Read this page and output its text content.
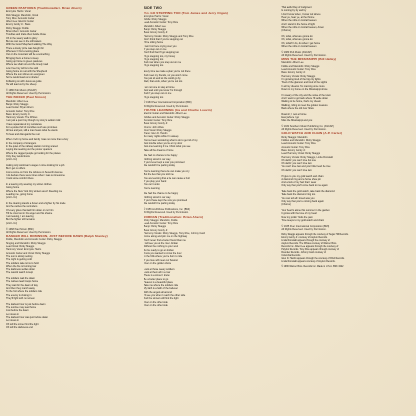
GREEN PASTURES (Traditional/arr. Brian Ahern)

Emmylou Harris: Vocal

Rick Skaggs: Mandolin, Vocal

Tony Rice: Acoustic Guitar

Albert Lee: Electric Guitar

Emory Gordy Jr.: Bass

Ricky Skaggs: Fiddle

Brian Ahern: Acoustic Guitar

Troubles and trials often betide those

Oh in the weary walk to glory

But we can see in the still waters

With the Good Shepherd walking The Way

There a lovely prize was bought for

Wherever I find a resting place

Out on the mountain will be a something

Bringing them a home to keep

Going up home to green pastures

Where we shall not end the lonely road

Low I feel my will is to be sold

Going home to rest with the Shepherd

Where the sun shines on evergreen

So he would lead us to shelter

Following on with Jesus as guide

He will lead us by the sheep

© 1980 Pub Music (ASCAP)

All Rights Reserved. Used by Permission.

THE BOXER (Paul Simon)

Mandolin: Albert Lee

Banjo: Ricky Skaggs

Lead Guitar: Bryan Ahern

Acoustic Guitar: Tony Rice

Bass: Emory Gordy Jr.

Harmony Vocals: The Whites

I am just a poor boy though my story's seldom told

I have squandered my resistance

For a pocket full of mumbles such are promises

All lies and jest, still a man hears what he wants

To hear and disregards the rest

When I left my home and family I was no more than a boy

In the company of strangers

In the quiet of the railway station running scared

Laying low seeking out the poorer quarters

Where the ragged people go looking for the places

Only they would know

(LILI LI LI)

Asking only workman's wages I come looking for a job

But I get no offers

Just a come-on from the whores on Seventh Avenue

I do declare there were times when I was so lonesome

I took some comfort there

In a leaving city wearing my winter clothes

Going home

Where the New York City winters aren't bleeding me

Leading me, going home

(LILI LI LI)

In the clearing stands a boxer and a fighter by his trade

And he carries the reminders

Of every glove that laid him down or cut him

Till he cried out in his anger and his shame

I am leaving, I am leaving

But the fighter still remains

(LILI LI LI)

© 1968 Paul Simon (BMI)

All Rights Reserved. Used by Permission.

DANGER WILL ROBINSON, JUST BEFORE DAWN (Ralph Stanley)

Fiddle, Mandolin and Acoustic Guitar: Ricky Skaggs

Singing and Mandolin: Ricky Skaggs

Lead Vocal: Ricky Skaggs

Harmony Vocal: Emmylou Harris

Acoustic Guitar and Vocal: Ricky Skaggs

The sun is slowly setting

The night is getting cold

The soldiers take turns to hold

When the fire is burning low

The darkness settles down

The careful watch is kept

The soldiers wait the dawn

The natives lead troops home

They wait for the dawn of day

And then they march away

To the fort where the soldiers ride

The enemy is closing in

They'll fight with no retreat

The darkest hour is just before dawn

The sunrise may lead home

Just before the dawn

Let Jesus in

The darkest hour was just before dawn

Let Jesus in

Oh will the sinner find the light

Oh will the darkness end

SIDE TWO

I'LL GO STEPPING TOO (Tom James and Jerry Organ)

Emmylou Harris: Vocal

Fiddle: Ricky Skaggs

Lead Acoustic Guitar: Tony Rice

Mandolin: Albert Lee

Banjo: Ricky Skaggs

Bass: Emory Gordy Jr.

Harmony Vocals: Ricky Skaggs and Tony Rice

Don't think that if you're stepping out

I'll be sitting home

I won't sit here crying over you

If you step out on me

You'll find that I'll go stepping too

I'll go stepping too, my honey

I'll go stepping too

And now when you step out on me

I'll go stepping too

Every time we make a plan you're not there

And meet my friends, no you won't come

You just sit and let the world go by

Well, that ends, when you're out too

I am not one to stay at home

Just wait until you know I'm through

And if you step out on me

I'll go stepping too

© 1963 Peer International Corporation (BMI)

All Rights Reserved. Used by Permission.

YOU'RE LEARNING (Ira and Charlie Louvin)

Electric Guitar and Mandolin: Albert Lee

Fiddles and Acoustic Guitar: Ricky Skaggs

Acoustic Guitar: Tony Rice

Bass: Emory Gordy Jr.

Drums: John Ware

Dust Vocal: Ricky Skaggs

Piano: Glen D. Hardin

So many nights while I'm asleep

You've been wondering what to do to get rid of my

Just trouble when you're at my door

Just one learning if me I think what you see

Take all the dreams of mine

We had no chance to be happy

Nothing stood in our way

If you'd ever kept a vow you promised

We wouldn't be parting today

You're learning that a lie can make you cry

But the lies that you told me

You are learning that a lie can cause a hurt

If you play your hand

You can't undo

You're learning

We had the chance to be happy

Nothing stood in our way

If you'd have kept the vow you promised

We wouldn't be parting today

© 1956 Acuff-Rose Publications, Inc. (BMI)

All Rights Reserved. Used by Permission.

JORDAN (Traditional/arr. Brian Ahern)

Ricky Skaggs: Mandolin, Fiddle

Lead Acoustic Guitar: Tony Rice

Banjo: Ricky Skaggs

Bass: Emory Gordy Jr.

Harmony Vocals: Ricky Skaggs, Tony Rice, Johnny Cash

Come along and join me on the highway

You'll never find a better friend than me

I will see you at the river Jordan

Without the nothing to your soul

So be ready to go at Jordan

Know you wanted to cross the river

In the hills where you're born to ride

If you love will meet our Saviour

Over on the golden shore

Look at those weary soldiers

Look at them all in a row

There is a sinner I know

Be a better place to go

Heaven is a beautiful place

Take me where the soldiers ride

My faith is a faith of the believer

With the angels all around

I'll see you when I reach the other side

And the sinners will find the light

Over on the other side

Over on the other side

That awful Day of Judgment

Is coming by by and by

I don't know when, I know not where

Hear ye, hear ye, at the throne

When the rolls on mortal heaven

And I stand in the home of light

When the rolls on mortal heaven, Amen

(Chorus)

Oh, what, what are gonna do

Oh, what, what are gonna do

Oh, what'll I do, do when I get home

When the rolls on mortal heaven

© 1980 Pub Music (ASCAP)

All Rights Reserved. Used by Permission.

MISS THE MISSISSIPPI (Bill Halley)

Mandolin: Albert Lee

Fiddle and Mandolin: Ricky Skaggs

Lead Acoustic Guitar: Tony Rice

Bass: Emory Gordy Jr.

Harmony Vocals: Ricky Skaggs

I'm growing tired of the big city lights

Tired of the glamour and tired of the sights

In all my dreams I'm roaming once more

Down in my home on the Mississippi shore

I'm weary of the city and the noise of the town

And I want to go back where I'll settle down

Waiting to be home, that's my dream

Walking, riding to meet the golden treasure

Back where the old river flows

Roamin', I rest at home

Everywhere I go

Miss the Mississippi and you

© 1932 Southern Music Publishing Co. (ASCAP)

All Rights Reserved. Used by Permission.

GOLD WATCH AND CHAIN (A.P. Carter)

Ricky Skaggs: Mandolin

Fiddles and Mandolin: Ricky Skaggs

Lead Acoustic Guitar: Tony Rice

Acoustic Guitar: Tony Rice

Bass: Emory Gordy Jr.

Lead Harmony Vocal: Ricky Skaggs

Harmony Vocals: Ricky Skaggs, Linda Ronstadt

Oh darlin' you can't love but one

Oh darlin' you can't love two

You can't love two and your little heart be true

Oh darlin' you can't love two

I'll give to you my gold watch and chain

A diamond ring and a horse shoe pin

And a lock of my hair that I wear

Only say that you'll come back to me again

Take back the gold watch, take back the diamond

Take back the diamond ring too

You can tell all I loved was you

Only say that you're coming back again

(Chorus)

Your heart's alone this summer in the garden

It grows with the love of my heart

Now my pickin' finds the pain

Time keeps to my gold watch and chain

© 1935 Peer International Corporation (BMI)

All Rights Reserved. Used by Permission.

Ricky Skaggs appears through the courtesy of Sugar Hill Records.

Emory Gordy Jr. courtesy of Asylum Records.

Linda Ronstadt appears through the courtesy of

Asylum Records. The Whites courtesy of Warner Bros.

Records Inc. Albert Lee appears through the courtesy of

Polydor Records. Tony Rice appears through courtesy of

Rounder Records. Johnny Cash courtesy of

Columbia Records.

Glen D. Hardin appears through the courtesy of RCA Records.

Linda Ronstadt appears courtesy of Asylum Records.

© 1980 Warner Bros. Records Inc. Made in U.S.A. BSK 3422
